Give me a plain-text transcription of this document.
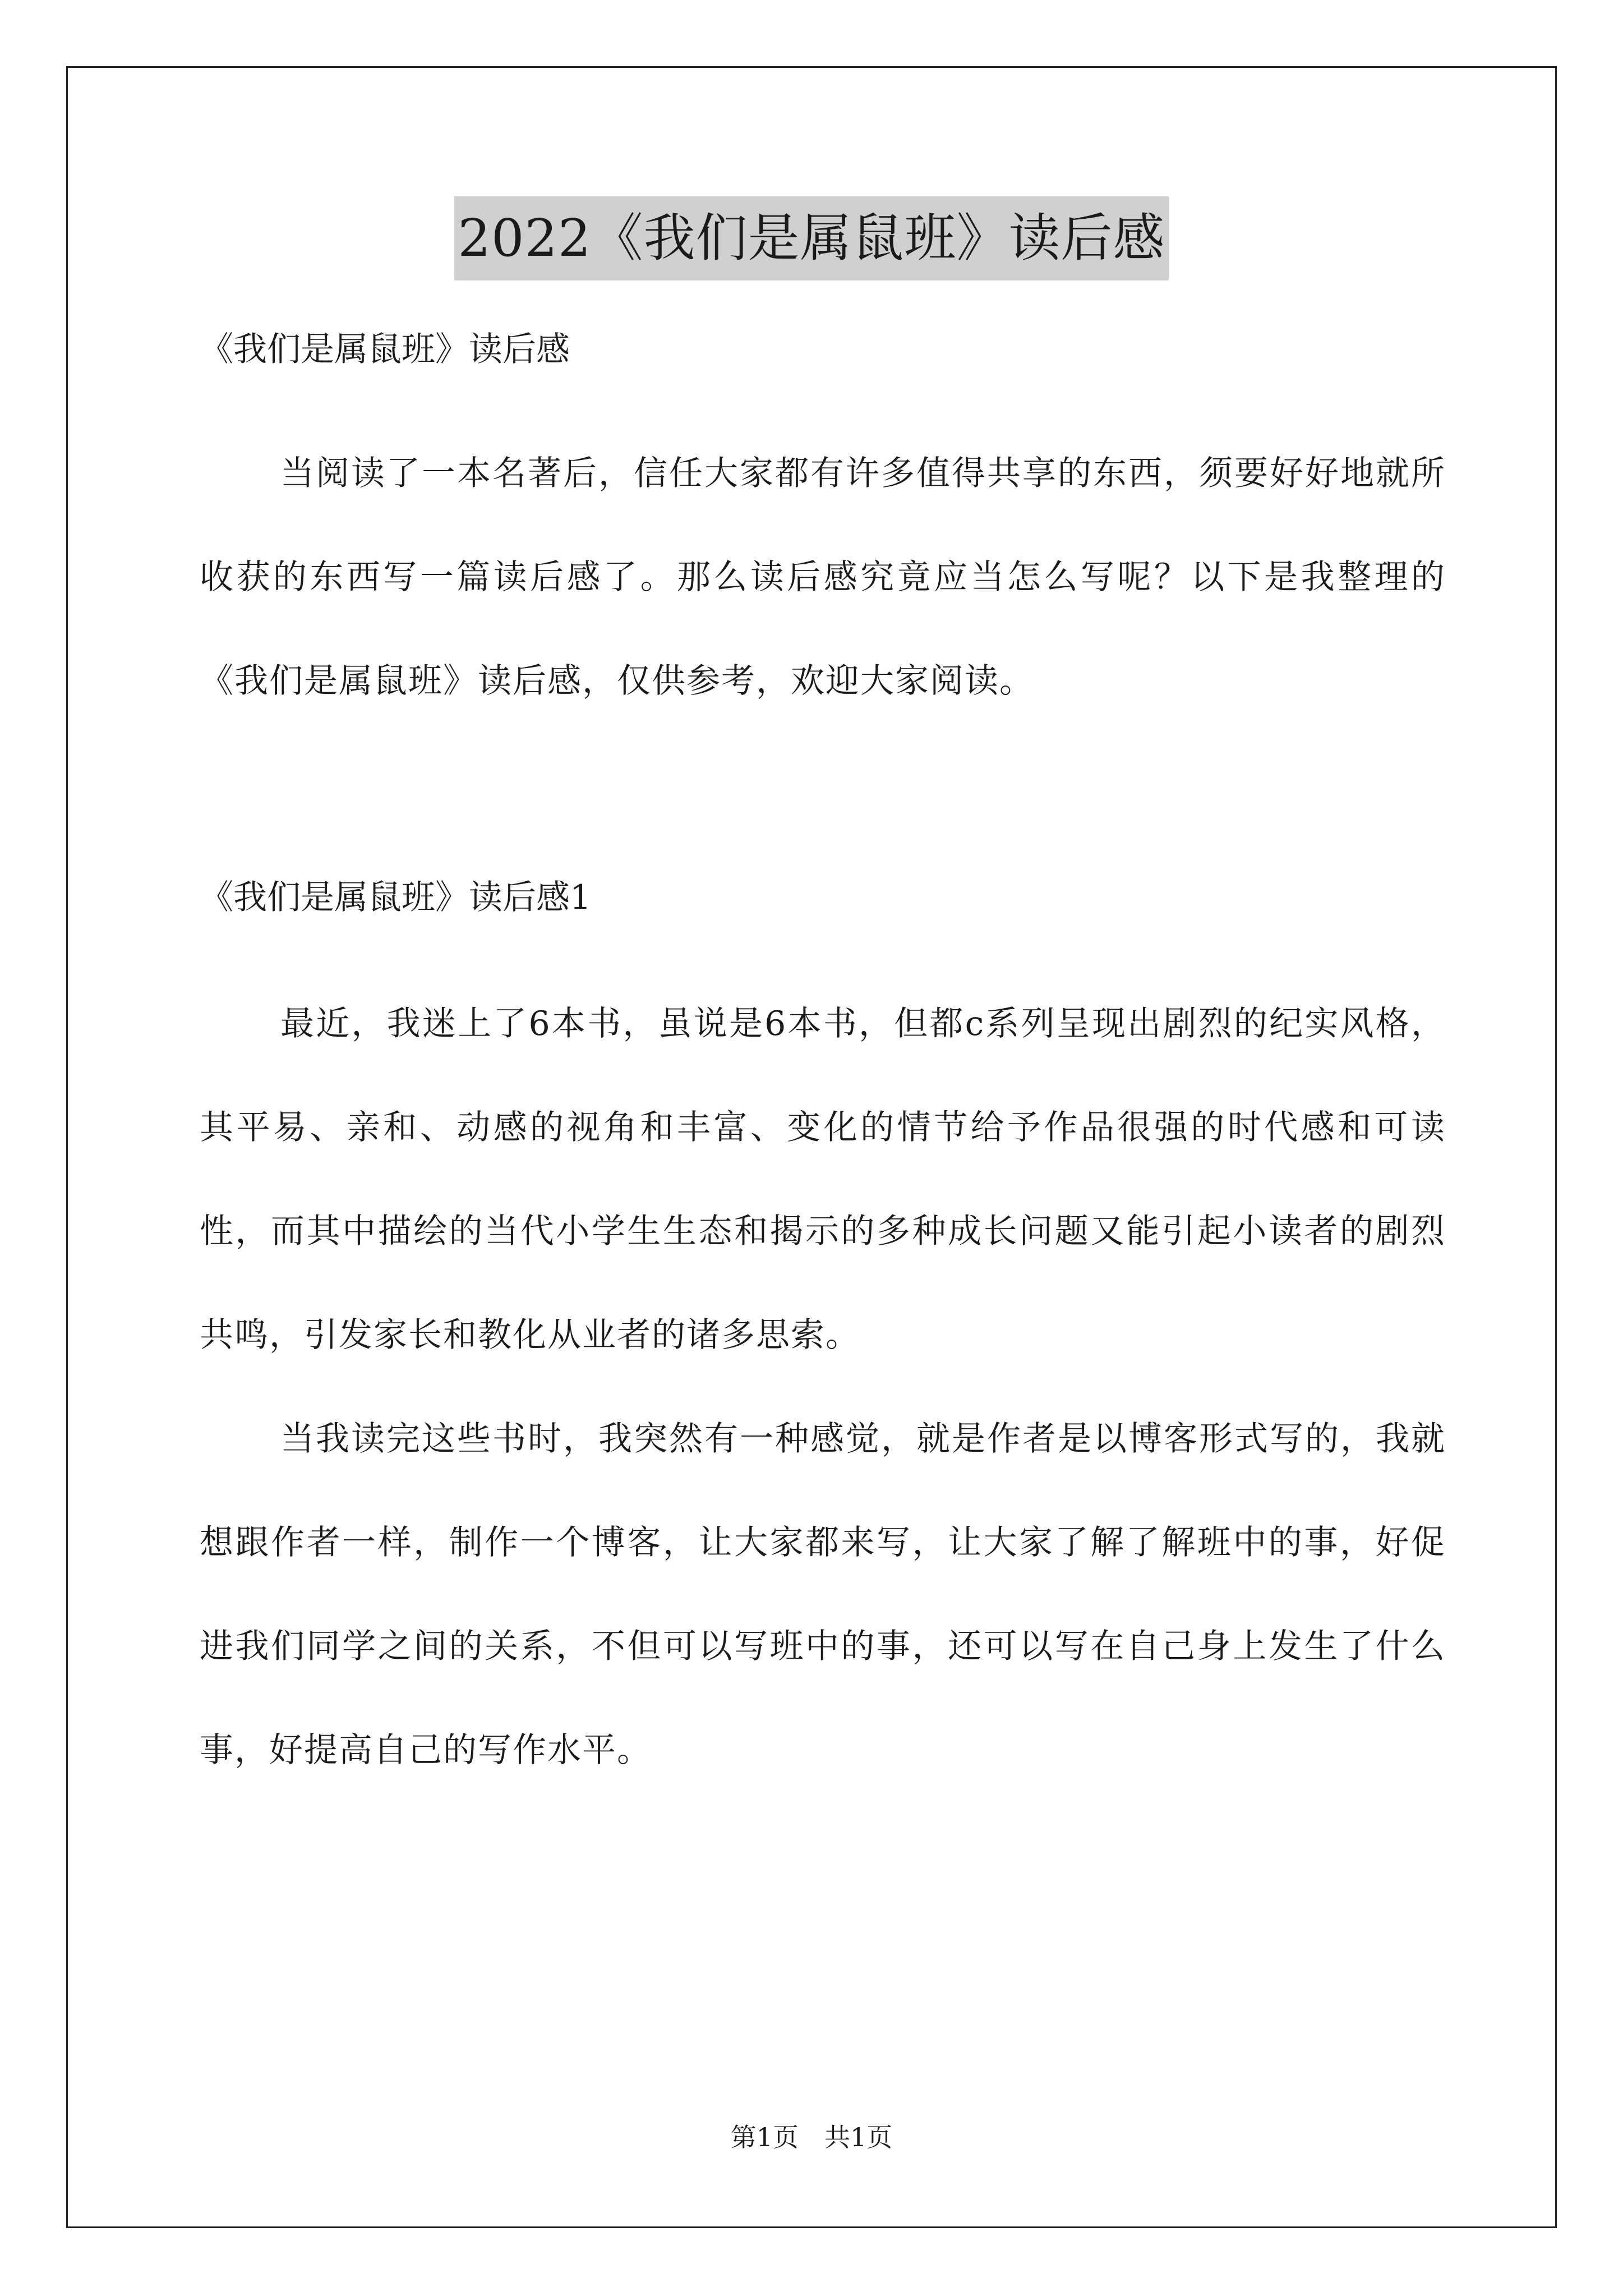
2022《我们是属鼠班》读后感

《我们是属鼠班》读后感

当阅读了一本名著后，信任大家都有许多值得共享的东西，须要好好地就所收获的东西写一篇读后感了。那么读后感究竟应当怎么写呢？以下是我整理的《我们是属鼠班》读后感，仅供参考，欢迎大家阅读。

《我们是属鼠班》读后感1

最近，我迷上了6本书，虽说是6本书，但都c系列呈现出剧烈的纪实风格，其平易、亲和、动感的视角和丰富、变化的情节给予作品很强的时代感和可读性，而其中描绘的当代小学生生态和揭示的多种成长问题又能引起小读者的剧烈共鸣，引发家长和教化从业者的诸多思索。

当我读完这些书时，我突然有一种感觉，就是作者是以博客形式写的，我就想跟作者一样，制作一个博客，让大家都来写，让大家了解了解班中的事，好促进我们同学之间的关系，不但可以写班中的事，还可以写在自己身上发生了什么事，好提高自己的写作水平。

第1页　共1页
